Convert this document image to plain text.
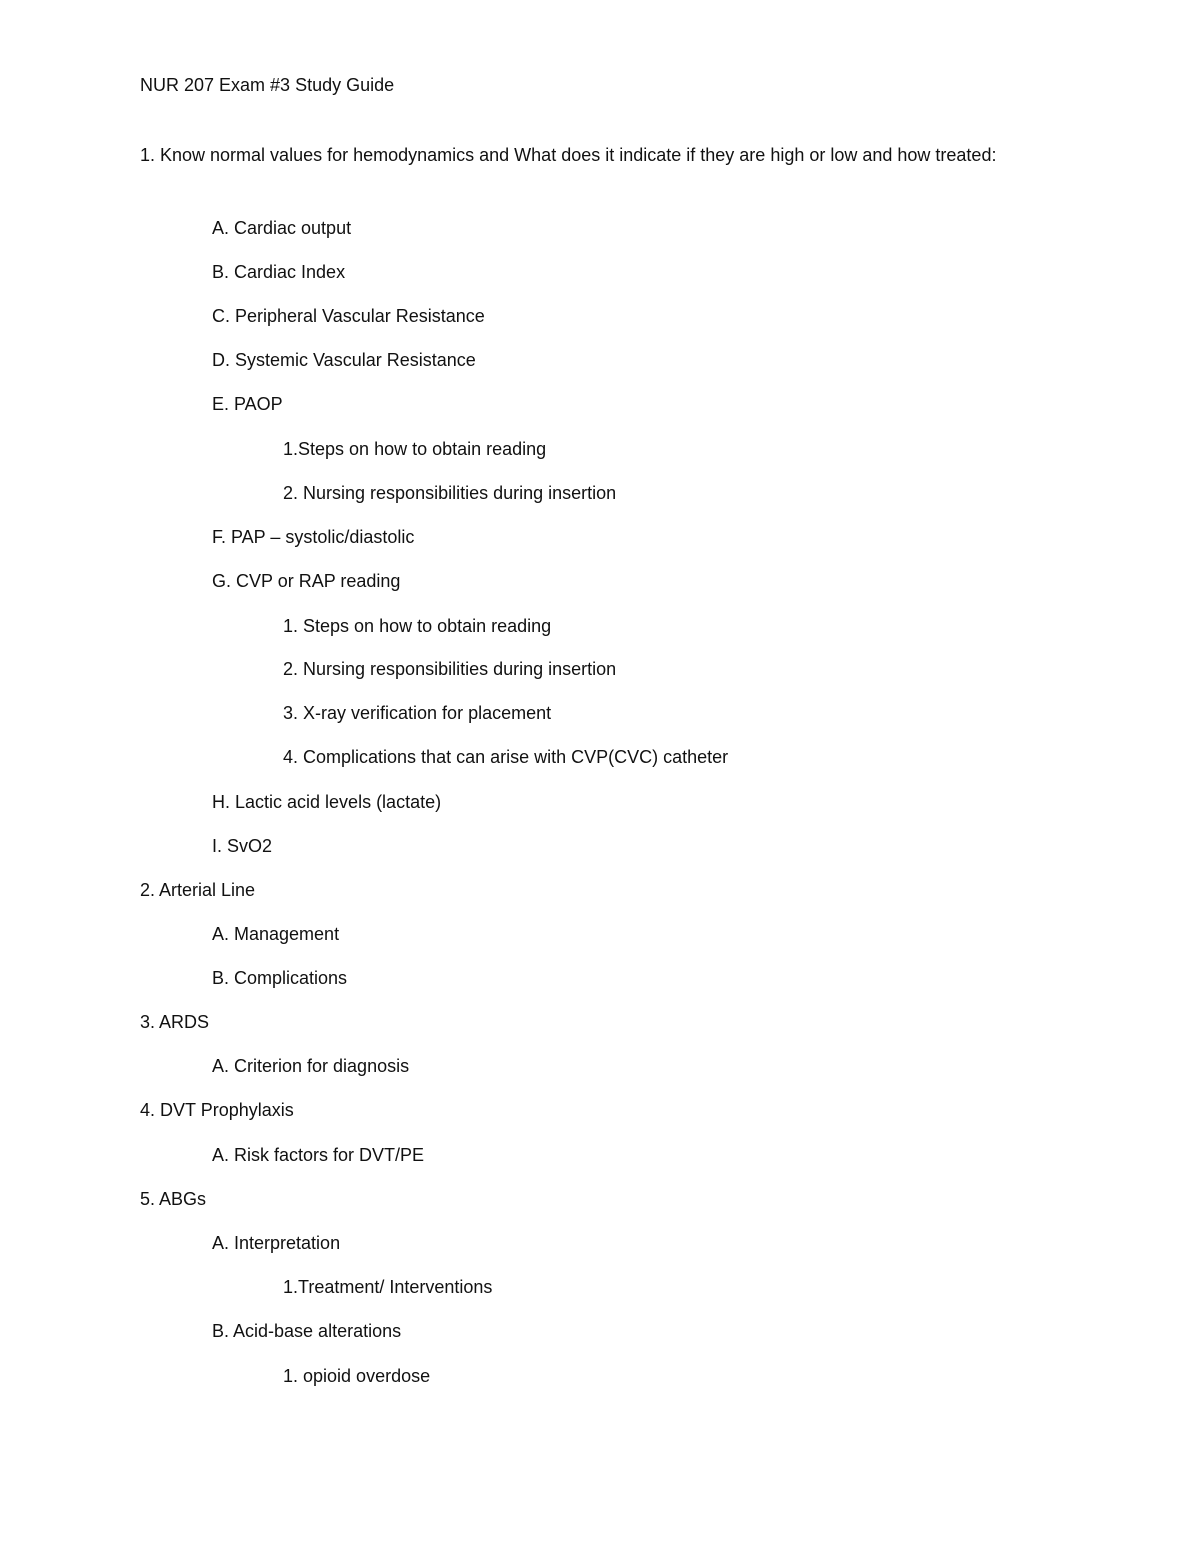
NUR 207 Exam #3 Study Guide
1. Know normal values for hemodynamics and What does it indicate if they are high or low and how treated:
A. Cardiac output
B. Cardiac Index
C. Peripheral Vascular Resistance
D. Systemic Vascular Resistance
E. PAOP
1.Steps on how to obtain reading
2. Nursing responsibilities during insertion
F. PAP – systolic/diastolic
G. CVP or RAP reading
1. Steps on how to obtain reading
2. Nursing responsibilities during insertion
3. X-ray verification for placement
4. Complications that can arise with CVP(CVC) catheter
H. Lactic acid levels (lactate)
I. SvO2
2. Arterial Line
A. Management
B. Complications
3. ARDS
A. Criterion for diagnosis
4. DVT Prophylaxis
A. Risk factors for DVT/PE
5. ABGs
A. Interpretation
1.Treatment/ Interventions
B. Acid-base alterations
1. opioid overdose
